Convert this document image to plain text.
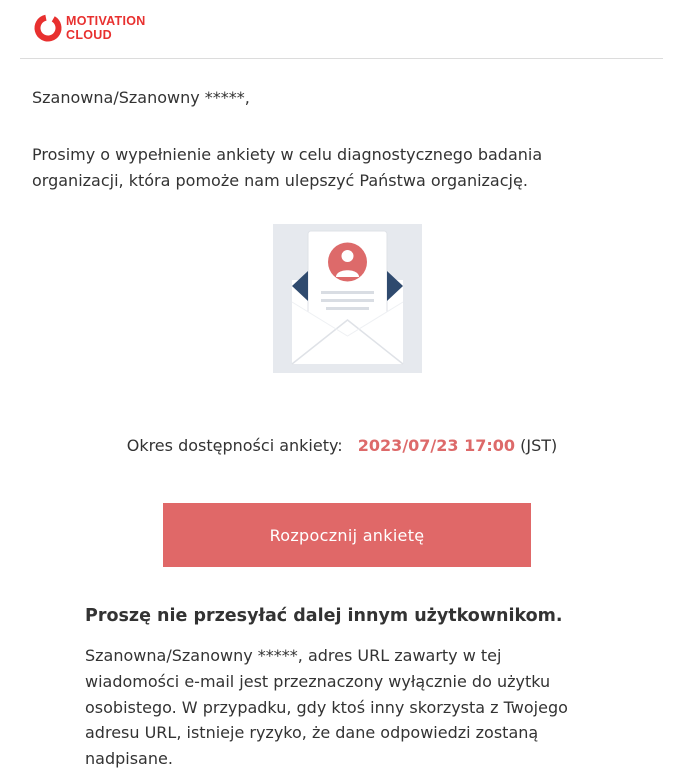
MOTIVATION
CLOUD

Szanowna/Szanowny *****,

Prosimy o wypełnienie ankiety w celu diagnostycznego badania organizacji, która pomoże nam ulepszyć Państwa organizację.

Okres dostępności ankiety: 2023/07/23 17:00 (JST)

Rozpocznij ankietę
Proszę nie przesyłać dalej innym użytkownikom.

Szanowna/Szanowny *****, adres URL zawarty w tej wiadomości e-mail jest przeznaczony wyłącznie do użytku osobistego. W przypadku, gdy ktoś inny skorzysta z Twojego adresu URL, istnieje ryzyko, że dane odpowiedzi zostaną nadpisane.
